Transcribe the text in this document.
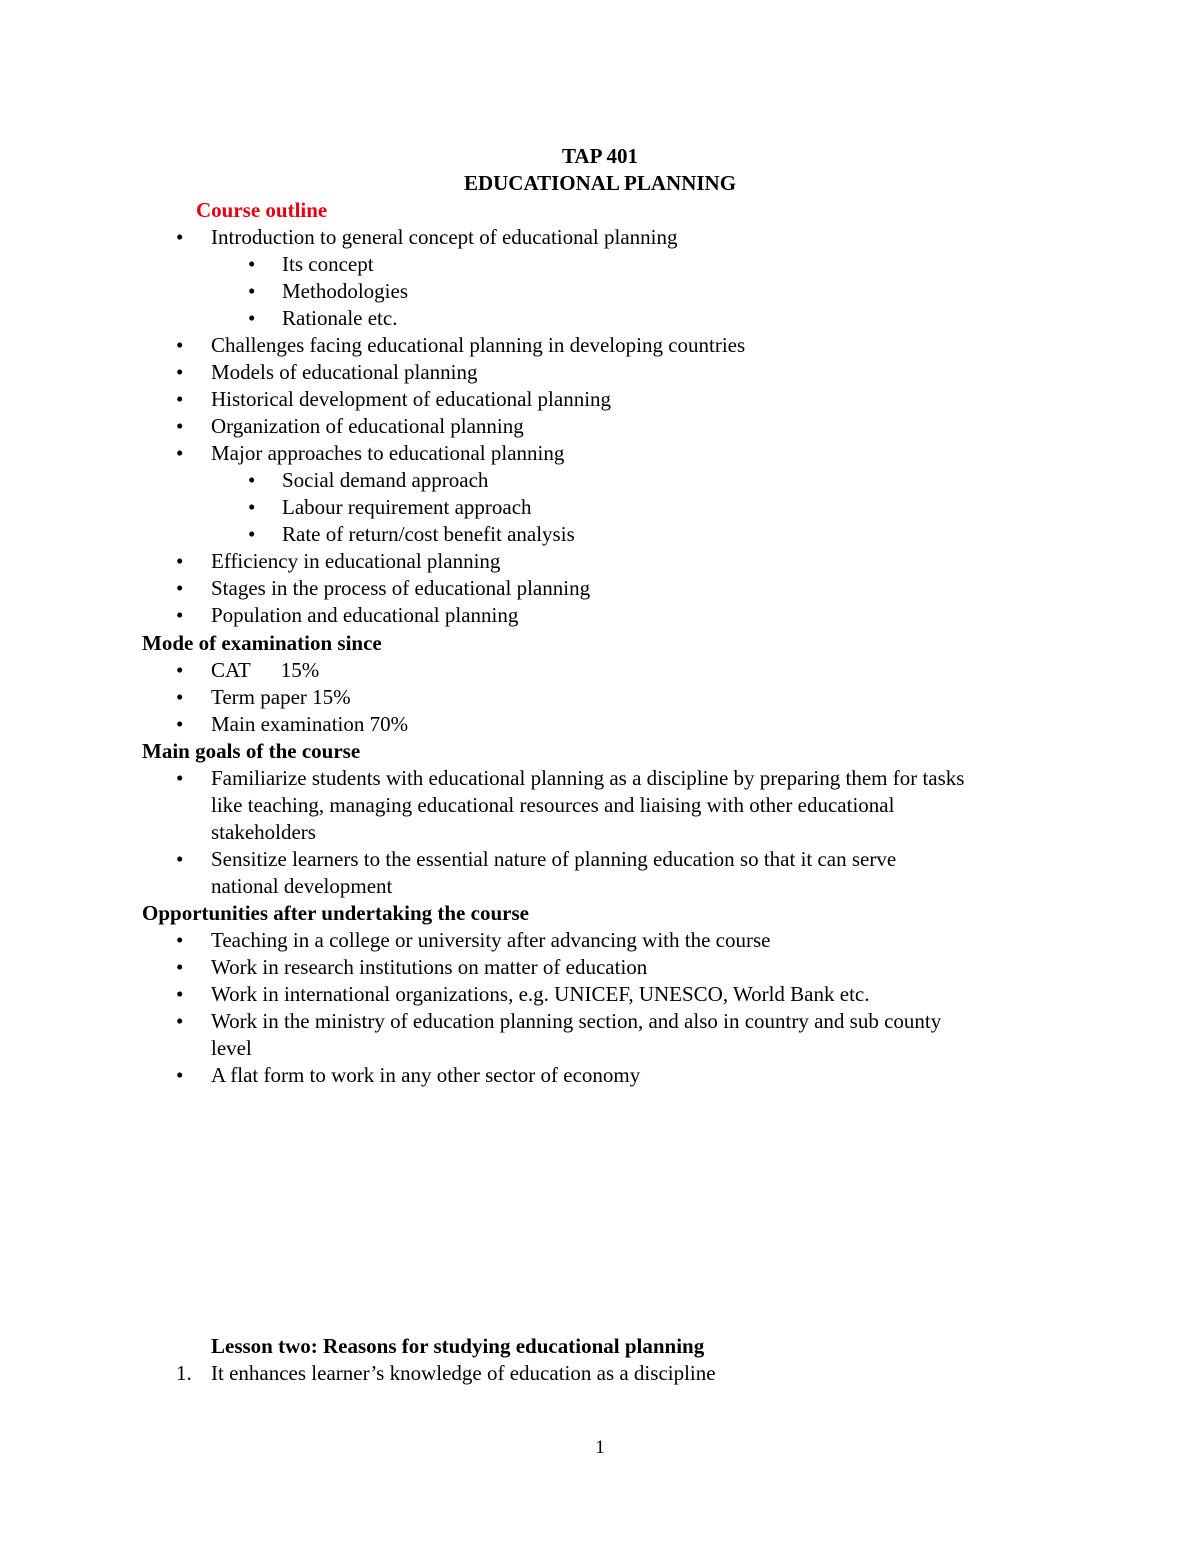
TAP 401
EDUCATIONAL PLANNING
Course outline
• Introduction to general concept of educational planning
• Its concept
• Methodologies
• Rationale etc.
• Challenges facing educational planning in developing countries
• Models of educational planning
• Historical development of educational planning
• Organization of educational planning
• Major approaches to educational planning
• Social demand approach
• Labour requirement approach
• Rate of return/cost benefit analysis
• Efficiency in educational planning
• Stages in the process of educational planning
• Population and educational planning
Mode of examination since
• CAT 15%
• Term paper 15%
• Main examination 70%
Main goals of the course
• Familiarize students with educational planning as a discipline by preparing them for tasks
like teaching, managing educational resources and liaising with other educational
stakeholders
• Sensitize learners to the essential nature of planning education so that it can serve
national development
Opportunities after undertaking the course
• Teaching in a college or university after advancing with the course
• Work in research institutions on matter of education
• Work in international organizations, e.g. UNICEF, UNESCO, World Bank etc.
• Work in the ministry of education planning section, and also in country and sub county
level
• A flat form to work in any other sector of economy
Lesson two: Reasons for studying educational planning
1. It enhances learner’s knowledge of education as a discipline
1
